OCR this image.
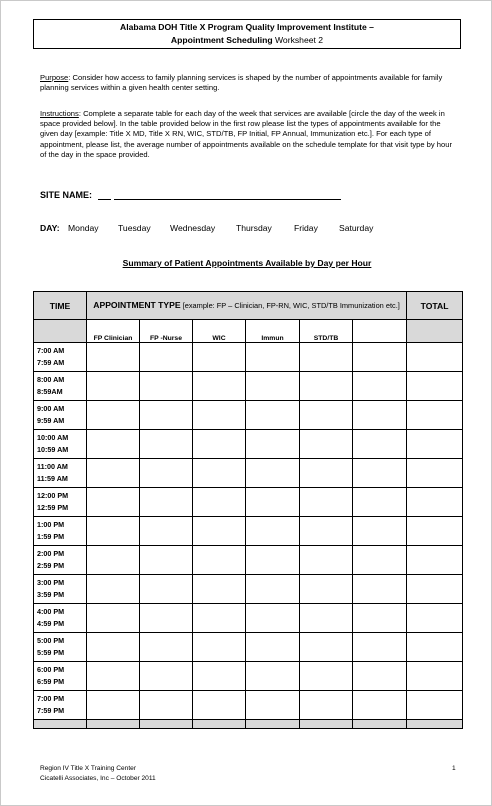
Alabama DOH Title X Program Quality Improvement Institute –
Appointment Scheduling Worksheet 2
Purpose: Consider how access to family planning services is shaped by the number of appointments available for family planning services within a given health center setting.
Instructions: Complete a separate table for each day of the week that services are available [circle the day of the week in space provided below]. In the table provided below in the first row please list the types of appointments available for the given day [example: Title X MD, Title X RN, WIC, STD/TB, FP Initial, FP Annual, Immunization etc.]. For each type of appointment, please list, the average number of appointments available on the schedule template for that visit type by hour of the day in the space provided.
SITE NAME:
DAY: Monday Tuesday Wednesday Thursday	Friday Saturday
Summary of Patient Appointments Available by Day per Hour
TIME	APPOINTMENT TYPE [example: FP – Clinician, FP-RN, WIC, STD/TB Immunization etc.]						TOTAL
	FP Clinician	FP -Nurse	WIC	Immun	STD/TB		

7:00 AM
7:59 AM							

8:00 AM
8:59AM							

9:00 AM
9:59 AM							

10:00 AM
10:59 AM							

11:00 AM
11:59 AM							

12:00 PM
12:59 PM							

1:00 PM
1:59 PM							

2:00 PM
2:59 PM							

3:00 PM
3:59 PM							

4:00 PM
4:59 PM							

5:00 PM
5:59 PM							

6:00 PM
6:59 PM							

7:00 PM
7:59 PM							

Region IV Title X Training Center
Cicatelli Associates, Inc – October 2011
1
